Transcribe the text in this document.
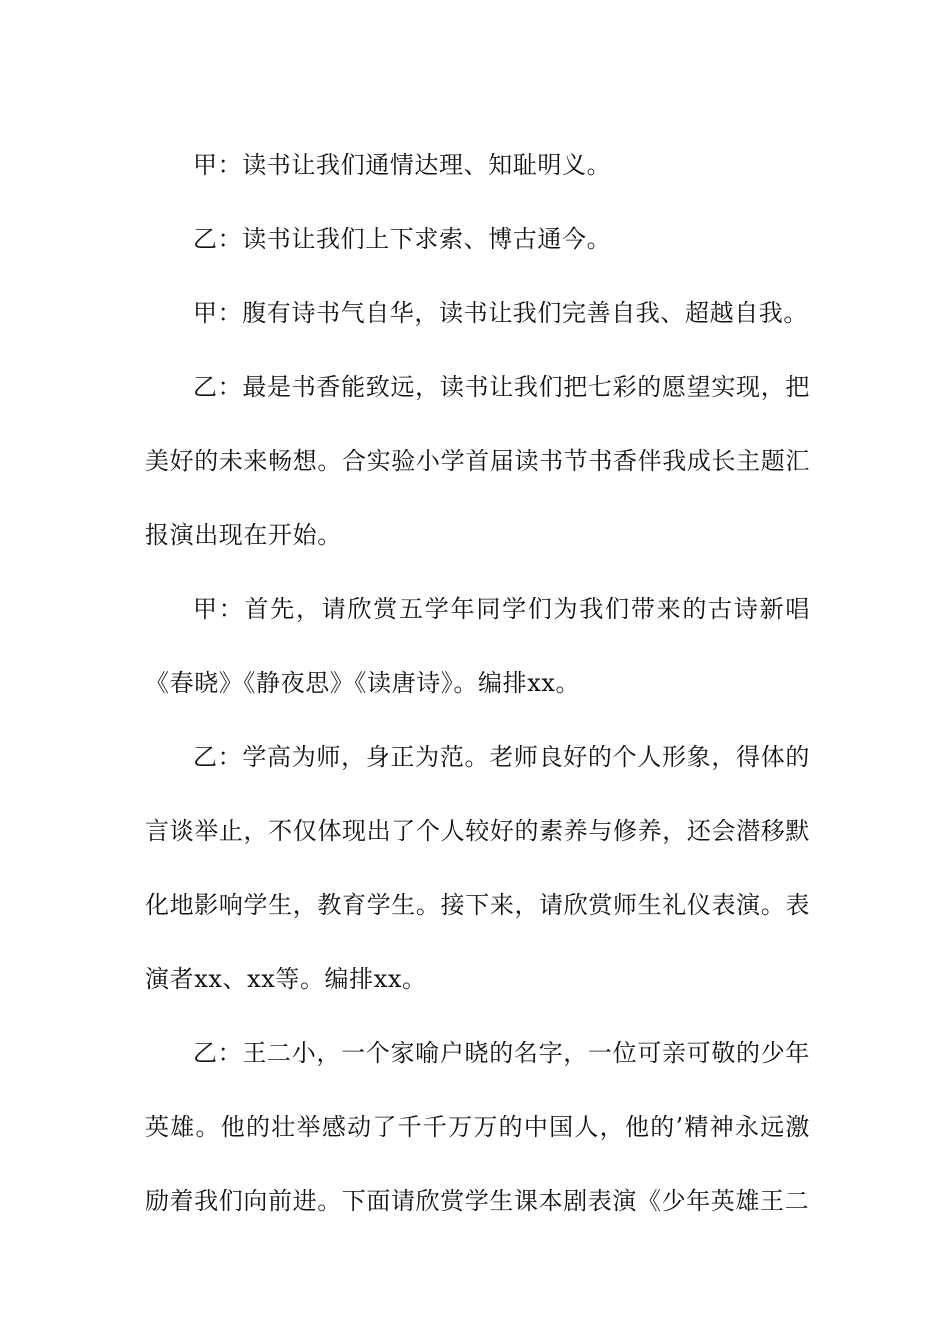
甲：读书让我们通情达理、知耻明义。

乙：读书让我们上下求索、博古通今。

甲：腹有诗书气自华，读书让我们完善自我、超越自我。

乙：最是书香能致远，读书让我们把七彩的愿望实现，把美好的未来畅想。合实验小学首届读书节书香伴我成长主题汇报演出现在开始。

甲：首先，请欣赏五学年同学们为我们带来的古诗新唱《春晓》《静夜思》《读唐诗》。编排xx。

乙：学高为师，身正为范。老师良好的个人形象，得体的言谈举止，不仅体现出了个人较好的素养与修养，还会潜移默化地影响学生，教育学生。接下来，请欣赏师生礼仪表演。表演者xx、xx等。编排xx。

乙：王二小，一个家喻户晓的名字，一位可亲可敬的少年英雄。他的壮举感动了千千万万的中国人，他的’精神永远激励着我们向前进。下面请欣赏学生课本剧表演《少年英雄王二
